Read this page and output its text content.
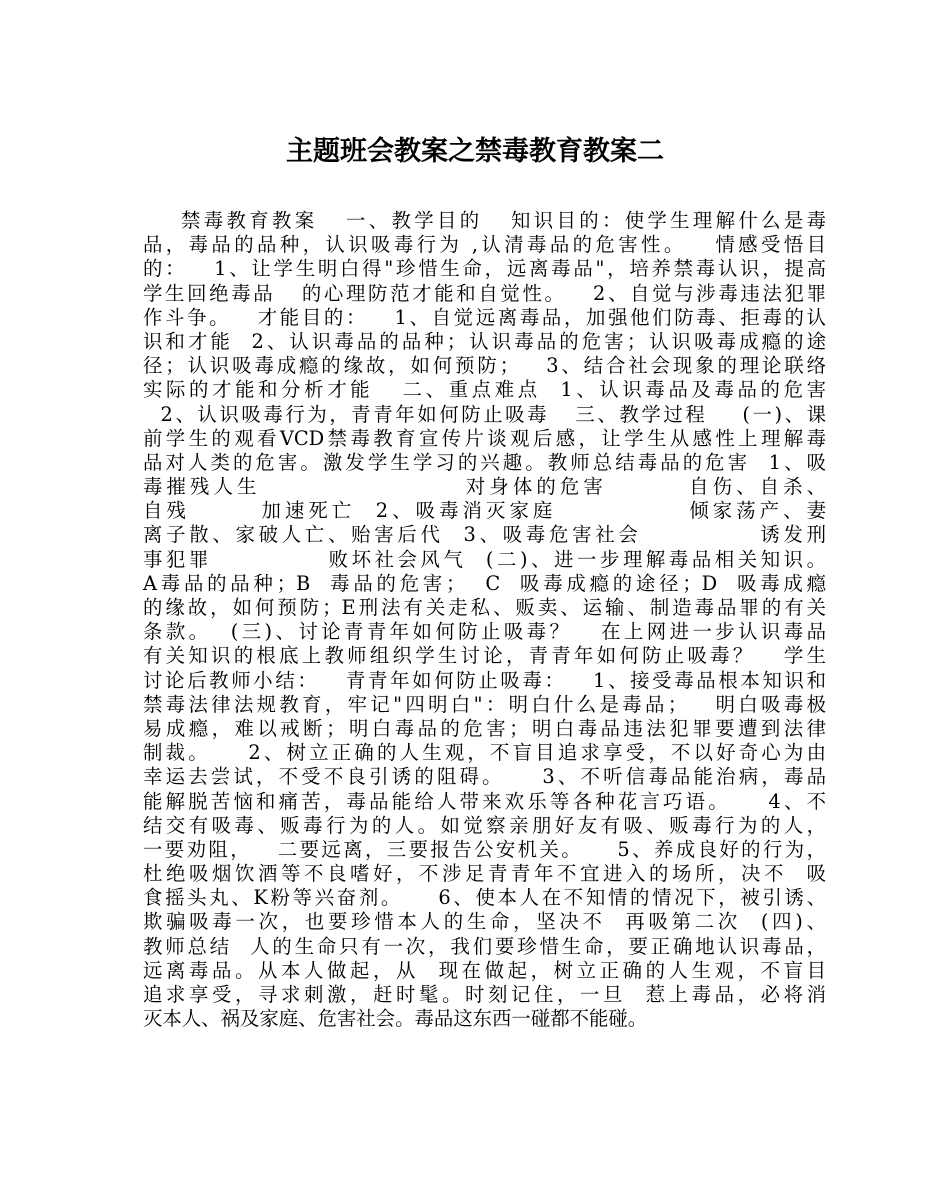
主题班会教案之禁毒教育教案二
禁毒教育教案   一、教学目的   知识目的：使学生理解什么是毒
品，毒品的品种，认识吸毒行为 ,认清毒品的危害性。   情感受悟目
的：   1、让学生明白得"珍惜生命，远离毒品"，培养禁毒认识，提高
学生回绝毒品   的心理防范才能和自觉性。   2、自觉与涉毒违法犯罪
作斗争。   才能目的：   1、自觉远离毒品，加强他们防毒、拒毒的认
识和才能  2、认识毒品的品种；认识毒品的危害；认识吸毒成瘾的途
径；认识吸毒成瘾的缘故，如何预防；   3、结合社会现象的理论联络
实际的才能和分析才能   二、重点难点  1、认识毒品及毒品的危害
2、认识吸毒行为，青青年如何防止吸毒   三、教学过程    (一)、课
前学生的观看VCD禁毒教育宣传片谈观后感，让学生从感性上理解毒
品对人类的危害。激发学生学习的兴趣。教师总结毒品的危害  1、吸
毒摧残人生                    对身体的危害        自伤、自杀、
自残       加速死亡  2、吸毒消灭家庭             倾家荡产、妻
离子散、家破人亡、贻害后代  3、吸毒危害社会            诱发刑
事犯罪            败坏社会风气  (二)、进一步理解毒品相关知识。
A毒品的品种；B  毒品的危害；  C  吸毒成瘾的途径；D  吸毒成瘾
的缘故，如何预防；E刑法有关走私、贩卖、运输、制造毒品罪的有关
条款。  (三)、讨论青青年如何防止吸毒？   在上网进一步认识毒品
有关知识的根底上教师组织学生讨论，青青年如何防止吸毒？   学生
讨论后教师小结：   青青年如何防止吸毒：   1、接受毒品根本知识和
禁毒法律法规教育，牢记"四明白"：明白什么是毒品；   明白吸毒极
易成瘾，难以戒断；明白毒品的危害；明白毒品违法犯罪要遭到法律
制裁。    2、树立正确的人生观，不盲目追求享受，不以好奇心为由
幸运去尝试，不受不良引诱的阻碍。    3、不听信毒品能治病，毒品
能解脱苦恼和痛苦，毒品能给人带来欢乐等各种花言巧语。    4、不
结交有吸毒、贩毒行为的人。如觉察亲朋好友有吸、贩毒行为的人，
一要劝阻，   二要远离，三要报告公安机关。    5、养成良好的行为，
杜绝吸烟饮酒等不良嗜好，不涉足青青年不宜进入的场所，决不  吸
食摇头丸、K粉等兴奋剂。    6、使本人在不知情的情况下，被引诱、
欺骗吸毒一次，也要珍惜本人的生命，坚决不  再吸第二次  (四)、
教师总结  人的生命只有一次，我们要珍惜生命，要正确地认识毒品，
远离毒品。从本人做起，从  现在做起，树立正确的人生观，不盲目
追求享受，寻求刺激，赶时髦。时刻记住，一旦  惹上毒品，必将消
灭本人、祸及家庭、危害社会。毒品这东西一碰都不能碰。
